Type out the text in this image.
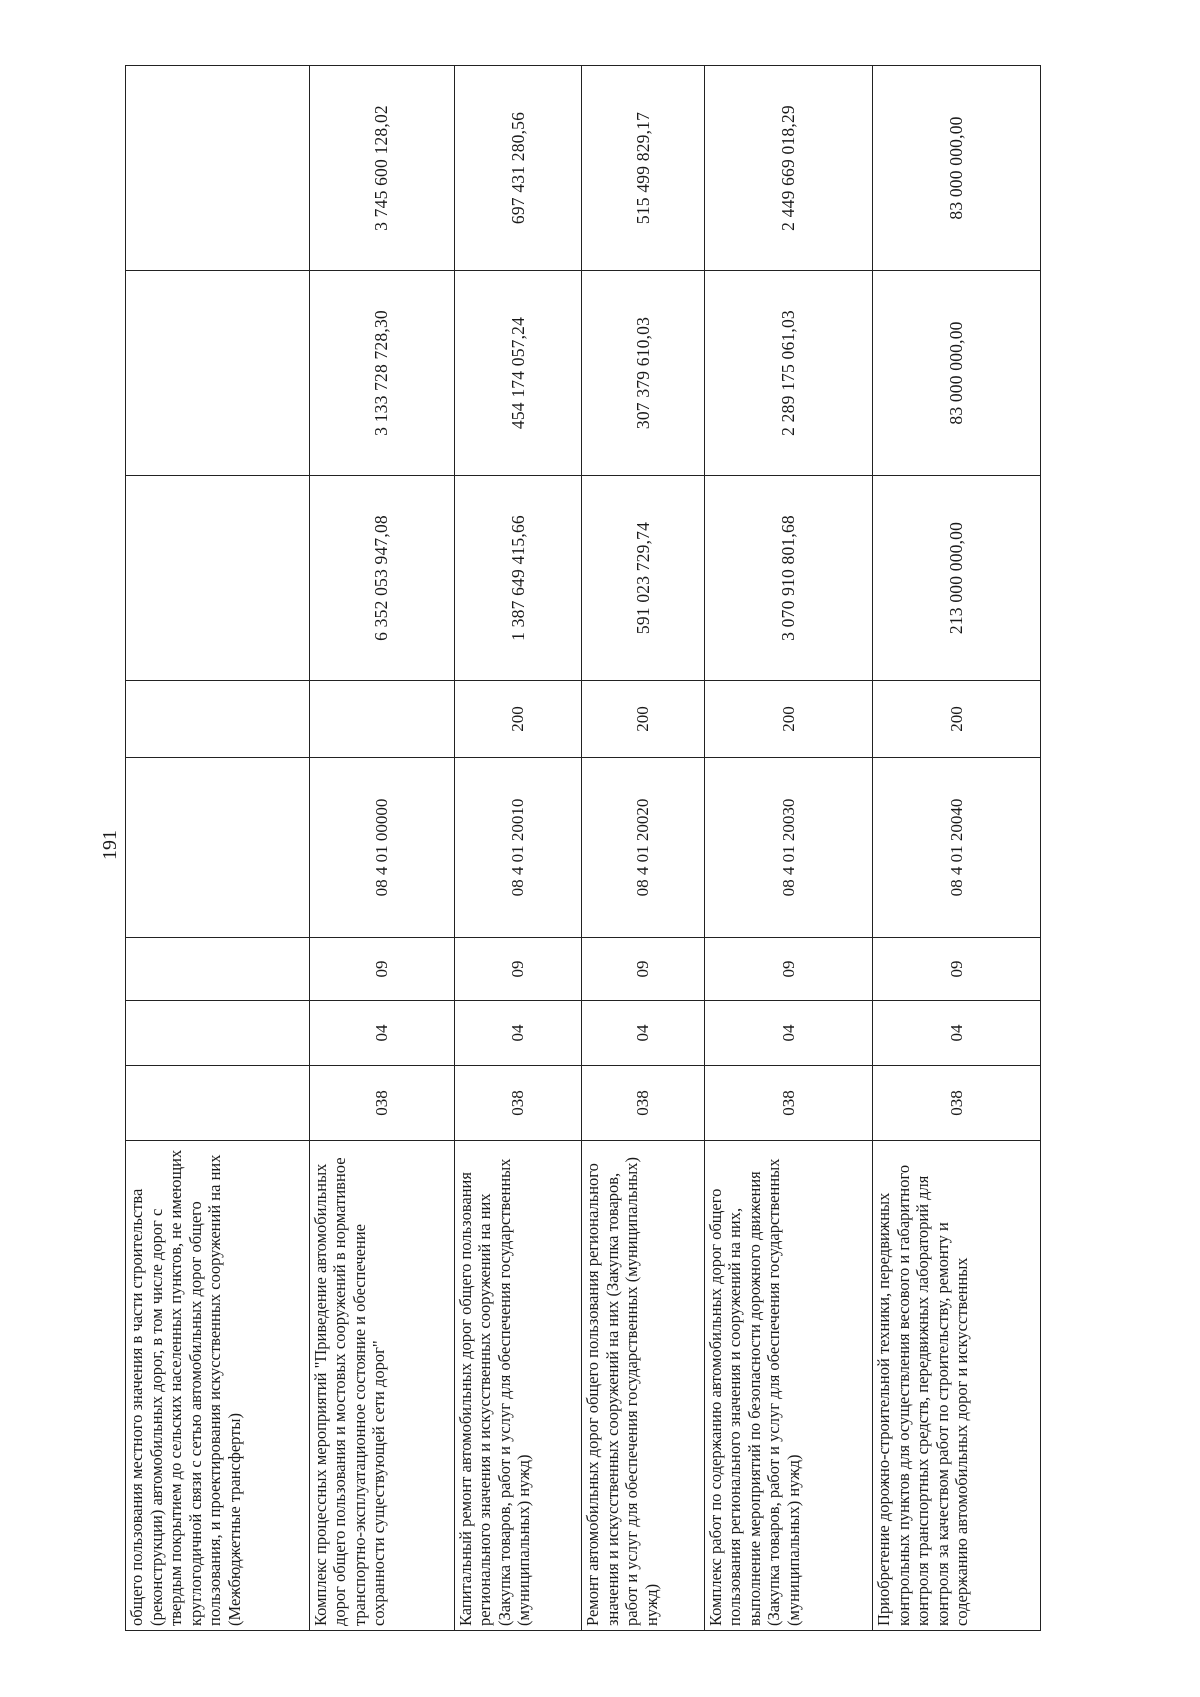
191
общего пользования местного значения в части строительства (реконструкции) автомобильных дорог, в том числе дорог с твердым покрытием до сельских населенных пунктов, не имеющих круглогодичной связи с сетью автомобильных дорог общего пользования, и проектирования искусственных сооружений на них (Межбюджетные трансферты)								
Комплекс процессных мероприятий "Приведение автомобильных дорог общего пользования и мостовых сооружений в нормативное транспортно-эксплуатационное состояние и обеспечение сохранности существующей сети дорог"	038	04	09	08 4 01 00000		6 352 053 947,08	3 133 728 728,30	3 745 600 128,02
Капитальный ремонт автомобильных дорог общего пользования регионального значения и искусственных сооружений на них (Закупка товаров, работ и услуг для обеспечения государственных (муниципальных) нужд)	038	04	09	08 4 01 20010	200	1 387 649 415,66	454 174 057,24	697 431 280,56
Ремонт автомобильных дорог общего пользования регионального значения и искусственных сооружений на них (Закупка товаров, работ и услуг для обеспечения государственных (муниципальных) нужд)	038	04	09	08 4 01 20020	200	591 023 729,74	307 379 610,03	515 499 829,17
Комплекс работ по содержанию автомобильных дорог общего пользования регионального значения и сооружений на них, выполнение мероприятий по безопасности дорожного движения (Закупка товаров, работ и услуг для обеспечения государственных (муниципальных) нужд)	038	04	09	08 4 01 20030	200	3 070 910 801,68	2 289 175 061,03	2 449 669 018,29
Приобретение дорожно-строительной техники, передвижных контрольных пунктов для осуществления весового и габаритного контроля транспортных средств, передвижных лабораторий для контроля за качеством работ по строительству, ремонту и содержанию автомобильных дорог и искусственных	038	04	09	08 4 01 20040	200	213 000 000,00	83 000 000,00	83 000 000,00
